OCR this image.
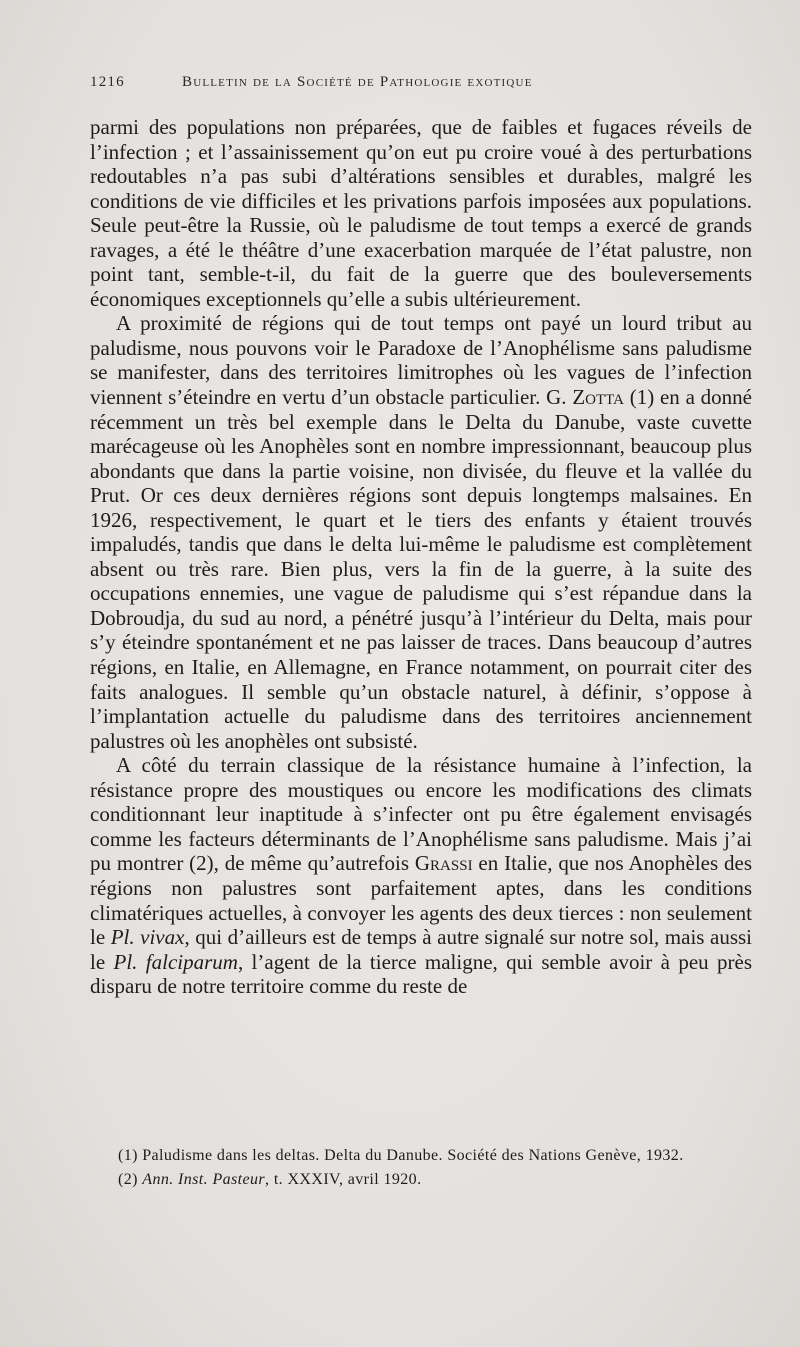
1216	Bulletin de la Société de Pathologie exotique

parmi des populations non préparées, que de faibles et fugaces réveils de l’infection ; et l’assainissement qu’on eut pu croire voué à des perturbations redoutables n’a pas subi d’altérations sensibles et durables, malgré les conditions de vie difficiles et les privations parfois imposées aux populations. Seule peut-être la Russie, où le paludisme de tout temps a exercé de grands ravages, a été le théâtre d’une exacerbation marquée de l’état palustre, non point tant, semble-t-il, du fait de la guerre que des bouleversements économiques exceptionnels qu’elle a subis ultérieurement.

A proximité de régions qui de tout temps ont payé un lourd tribut au paludisme, nous pouvons voir le Paradoxe de l’Anophélisme sans paludisme se manifester, dans des territoires limitrophes où les vagues de l’infection viennent s’éteindre en vertu d’un obstacle particulier. G. Zotta (1) en a donné récemment un très bel exemple dans le Delta du Danube, vaste cuvette marécageuse où les Anophèles sont en nombre impressionnant, beaucoup plus abondants que dans la partie voisine, non divisée, du fleuve et la vallée du Prut. Or ces deux dernières régions sont depuis longtemps malsaines. En 1926, respectivement, le quart et le tiers des enfants y étaient trouvés impaludés, tandis que dans le delta lui-même le paludisme est complètement absent ou très rare. Bien plus, vers la fin de la guerre, à la suite des occupations ennemies, une vague de paludisme qui s’est répandue dans la Dobroudja, du sud au nord, a pénétré jusqu’à l’intérieur du Delta, mais pour s’y éteindre spontanément et ne pas laisser de traces. Dans beaucoup d’autres régions, en Italie, en Allemagne, en France notamment, on pourrait citer des faits analogues. Il semble qu’un obstacle naturel, à définir, s’oppose à l’implantation actuelle du paludisme dans des territoires anciennement palustres où les anophèles ont subsisté.

A côté du terrain classique de la résistance humaine à l’infection, la résistance propre des moustiques ou encore les modifications des climats conditionnant leur inaptitude à s’infecter ont pu être également envisagés comme les facteurs déterminants de l’Anophélisme sans paludisme. Mais j’ai pu montrer (2), de même qu’autrefois Grassi en Italie, que nos Anophèles des régions non palustres sont parfaitement aptes, dans les conditions climatériques actuelles, à convoyer les agents des deux tierces : non seulement le Pl. vivax, qui d’ailleurs est de temps à autre signalé sur notre sol, mais aussi le Pl. falciparum, l’agent de la tierce maligne, qui semble avoir à peu près disparu de notre territoire comme du reste de

(1) Paludisme dans les deltas. Delta du Danube. Société des Nations Genève, 1932.

(2) Ann. Inst. Pasteur, t. XXXIV, avril 1920.
